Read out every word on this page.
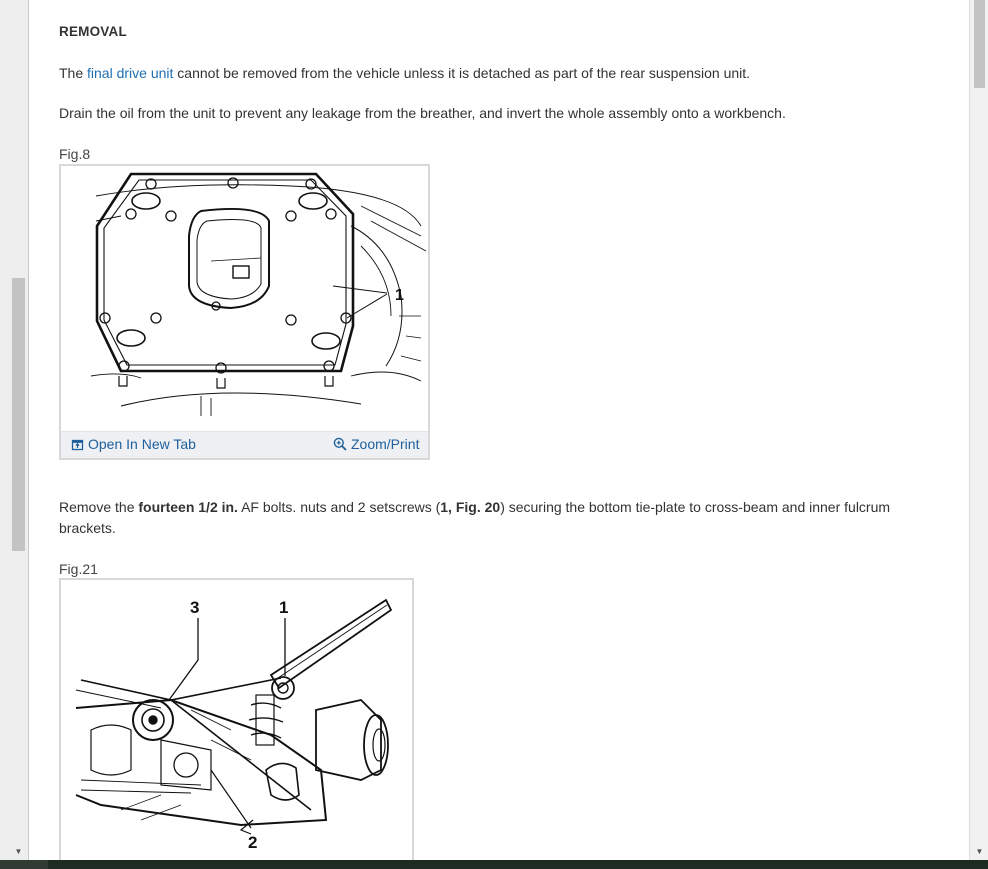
▼
REMOVAL
The final drive unit cannot be removed from the vehicle unless it is detached as part of the rear suspension unit.
Drain the oil from the unit to prevent any leakage from the breather, and invert the whole assembly onto a workbench.
Fig.8
1
Open In New Tab	Zoom/Print
Remove the fourteen 1/2 in. AF bolts. nuts and 2 setscrews (1, Fig. 20) securing the bottom tie-plate to cross-beam and inner fulcrum brackets.
Fig.21
3	1
2	▼
